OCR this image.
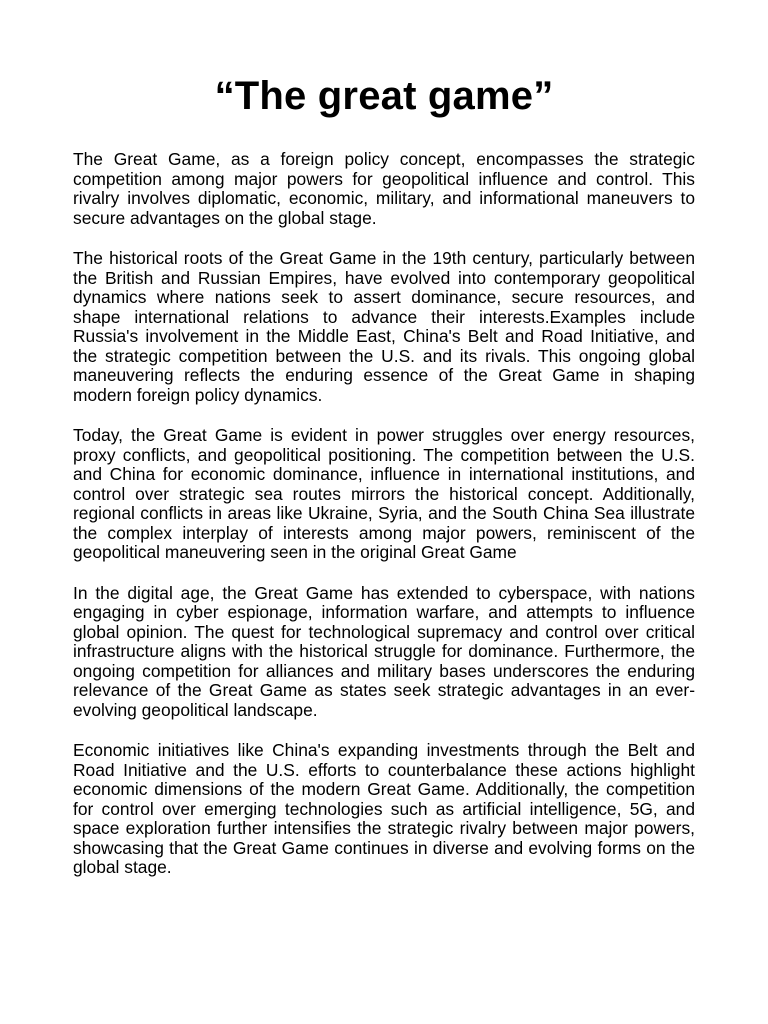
“The great game”

The Great Game, as a foreign policy concept, encompasses the strategic competition among major powers for geopolitical influence and control. This rivalry involves diplomatic, economic, military, and informational maneuvers to secure advantages on the global stage.

The historical roots of the Great Game in the 19th century, particularly between the British and Russian Empires, have evolved into contemporary geopolitical dynamics where nations seek to assert dominance, secure resources, and shape international relations to advance their interests.Examples include Russia's involvement in the Middle East, China's Belt and Road Initiative, and the strategic competition between the U.S. and its rivals. This ongoing global maneuvering reflects the enduring essence of the Great Game in shaping modern foreign policy dynamics.

Today, the Great Game is evident in power struggles over energy resources, proxy conflicts, and geopolitical positioning. The competition between the U.S. and China for economic dominance, influence in international institutions, and control over strategic sea routes mirrors the historical concept. Additionally, regional conflicts in areas like Ukraine, Syria, and the South China Sea illustrate the complex interplay of interests among major powers, reminiscent of the geopolitical maneuvering seen in the original Great Game

In the digital age, the Great Game has extended to cyberspace, with nations engaging in cyber espionage, information warfare, and attempts to influence global opinion. The quest for technological supremacy and control over critical infrastructure aligns with the historical struggle for dominance. Furthermore, the ongoing competition for alliances and military bases underscores the enduring relevance of the Great Game as states seek strategic advantages in an ever-evolving geopolitical landscape.

Economic initiatives like China's expanding investments through the Belt and Road Initiative and the U.S. efforts to counterbalance these actions highlight economic dimensions of the modern Great Game. Additionally, the competition for control over emerging technologies such as artificial intelligence, 5G, and space exploration further intensifies the strategic rivalry between major powers, showcasing that the Great Game continues in diverse and evolving forms on the global stage.
